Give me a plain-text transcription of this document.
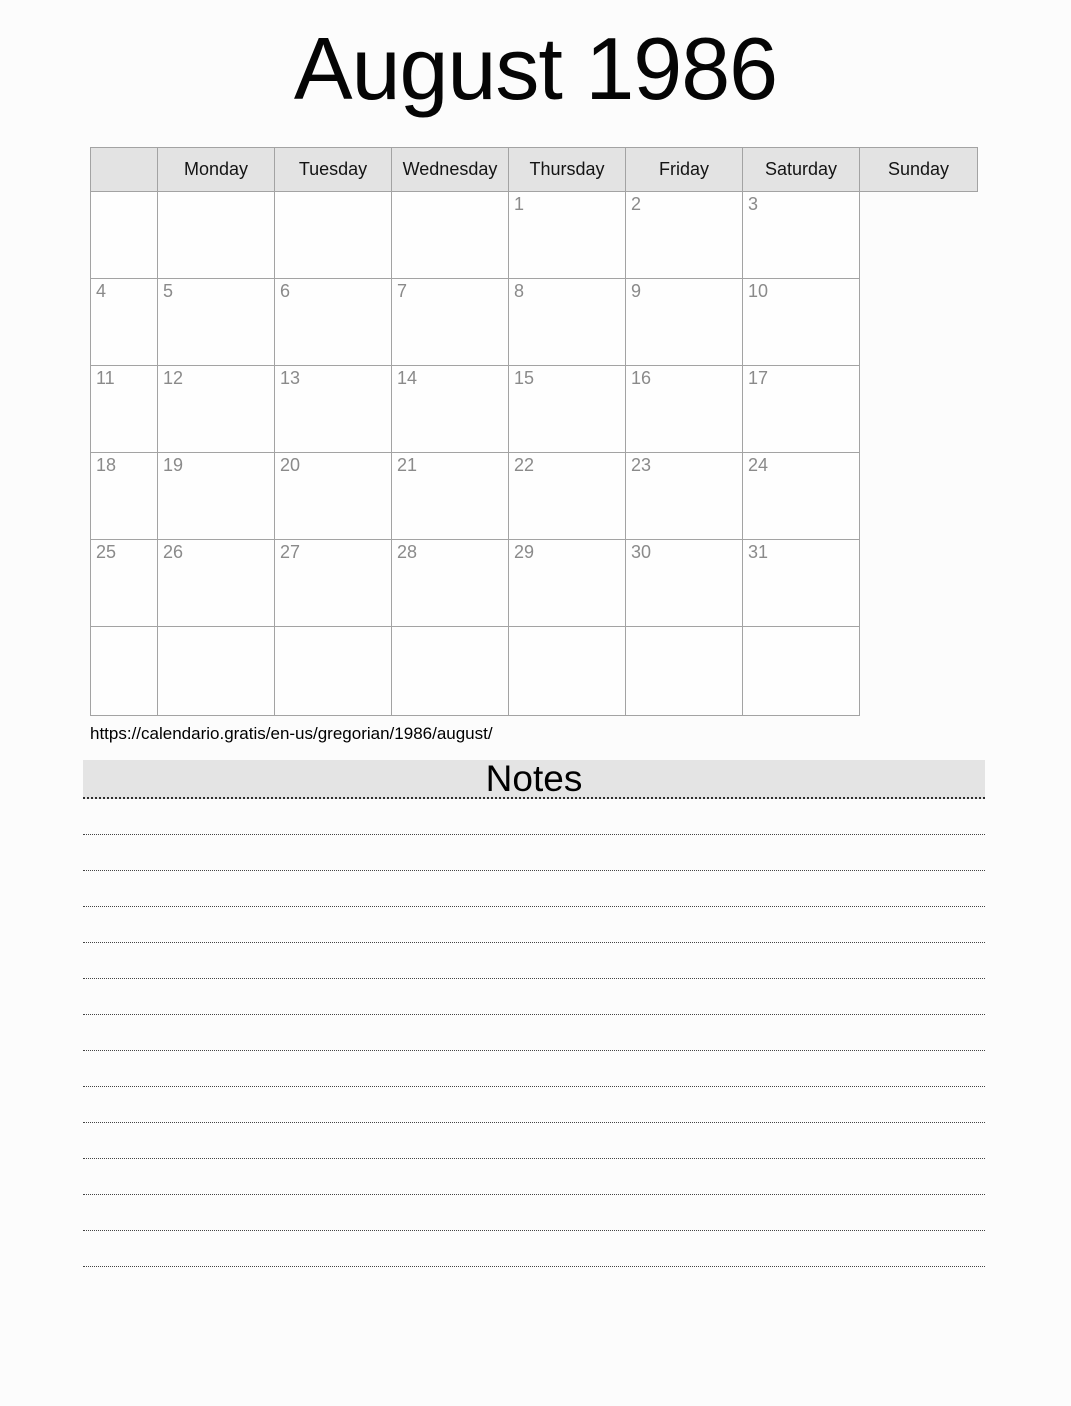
August 1986
	Monday	Tuesday	Wednesday	Thursday	Friday	Saturday	Sunday
				1	2	3	
4	5	6	7	8	9	10	
11	12	13	14	15	16	17	
18	19	20	21	22	23	24	
25	26	27	28	29	30	31	

https://calendario.gratis/en-us/gregorian/1986/august/

Notes
